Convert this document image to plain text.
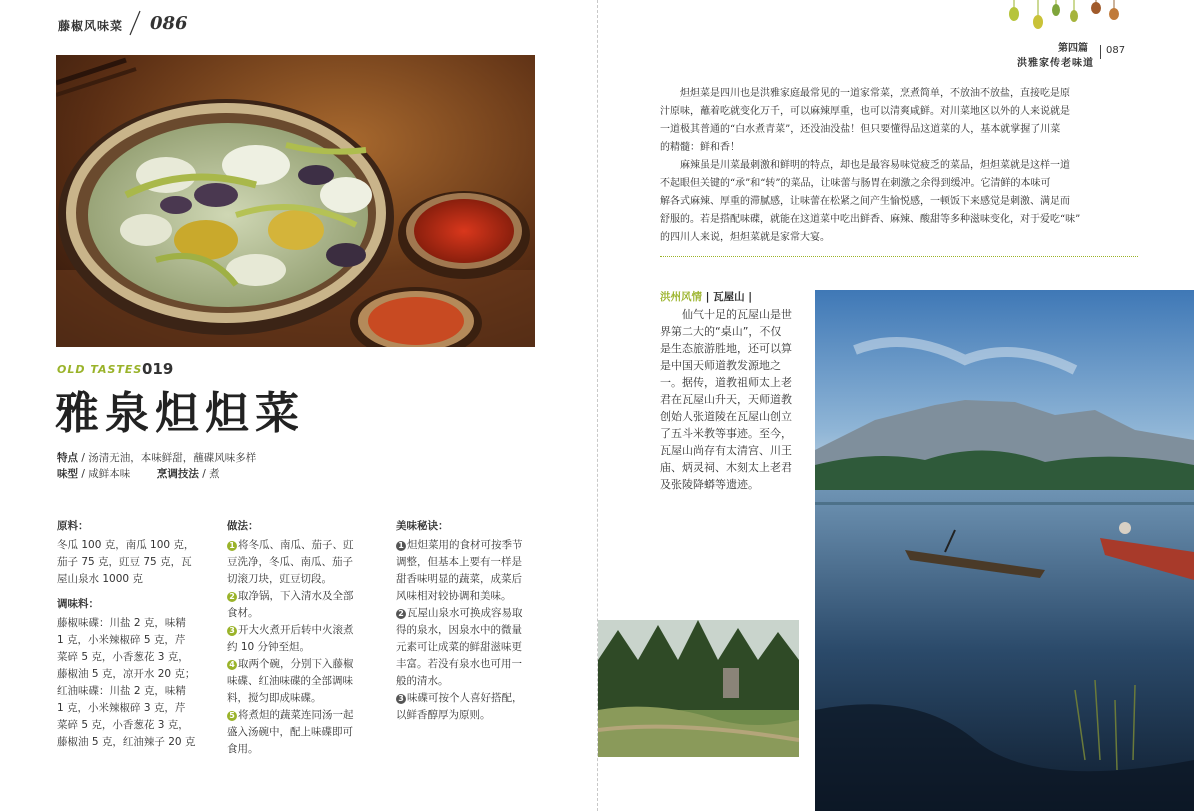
藤椒风味菜 086
OLD TASTES 019
雅泉炟炟菜
特点 / 汤清无油，本味鲜甜，蘸碟风味多样
味型 / 咸鲜本味	烹调技法 / 煮
原料：

冬瓜 100 克，南瓜 100 克，
茄子 75 克，豇豆 75 克，瓦
屋山泉水 1000 克

调味料：

藤椒味碟：川盐 2 克，味精
1 克，小米辣椒碎 5 克，芹
菜碎 5 克，小香葱花 3 克，
藤椒油 5 克，凉开水 20 克；
红油味碟：川盐 2 克，味精
1 克，小米辣椒碎 3 克，芹
菜碎 5 克，小香葱花 3 克，
藤椒油 5 克，红油辣子 20 克

做法：

1 将冬瓜、南瓜、茄子、豇
豆洗净，冬瓜、南瓜、茄子
切滚刀块，豇豆切段。

2 取净锅，下入清水及全部
食材。

3 开大火煮开后转中火滚煮
约 10 分钟至炟。

4 取两个碗，分别下入藤椒
味碟、红油味碟的全部调味
料，搅匀即成味碟。

5 将煮炟的蔬菜连同汤一起
盛入汤碗中，配上味碟即可
食用。

美味秘诀：

1 炟炟菜用的食材可按季节
调整，但基本上要有一样是
甜香味明显的蔬菜，成菜后
风味相对较协调和美味。

2 瓦屋山泉水可换成容易取
得的泉水，因泉水中的微量
元素可让成菜的鲜甜滋味更
丰富。若没有泉水也可用一
般的清水。

3 味碟可按个人喜好搭配，
以鲜香醇厚为原则。

第四篇
洪雅家传老味道
087
炟炟菜是四川也是洪雅家庭最常见的一道家常菜，烹煮简单，不放油不放盐，直接吃是原
汁原味，蘸着吃就变化万千，可以麻辣厚重，也可以清爽咸鲜。对川菜地区以外的人来说就是
一道极其普通的“白水煮青菜”，还没油没盐！但只要懂得品这道菜的人，基本就掌握了川菜
的精髓：鲜和香！
麻辣虽是川菜最刺激和鲜明的特点，却也是最容易味觉疲乏的菜品，炟炟菜就是这样一道
不起眼但关键的“承”和“转”的菜品，让味蕾与肠胃在刺激之余得到缓冲。它清鲜的本味可
解各式麻辣、厚重的滞腻感，让味蕾在松紧之间产生愉悦感，一顿饭下来感觉是刺激、满足而
舒服的。若是搭配味碟，就能在这道菜中吃出鲜香、麻辣、酸甜等多种滋味变化，对于爱吃“味”
的四川人来说，炟炟菜就是家常大宴。
洪州风情 | 瓦屋山 |
仙气十足的瓦屋山是世
界第二大的“桌山”，不仅
是生态旅游胜地，还可以算
是中国天师道教发源地之
一。据传，道教祖师太上老
君在瓦屋山升天，天师道教
创始人张道陵在瓦屋山创立
了五斗米教等事迹。至今，
瓦屋山尚存有太清宫、川王
庙、炳灵祠、木刻太上老君
及张陵降蟒等遗迹。
